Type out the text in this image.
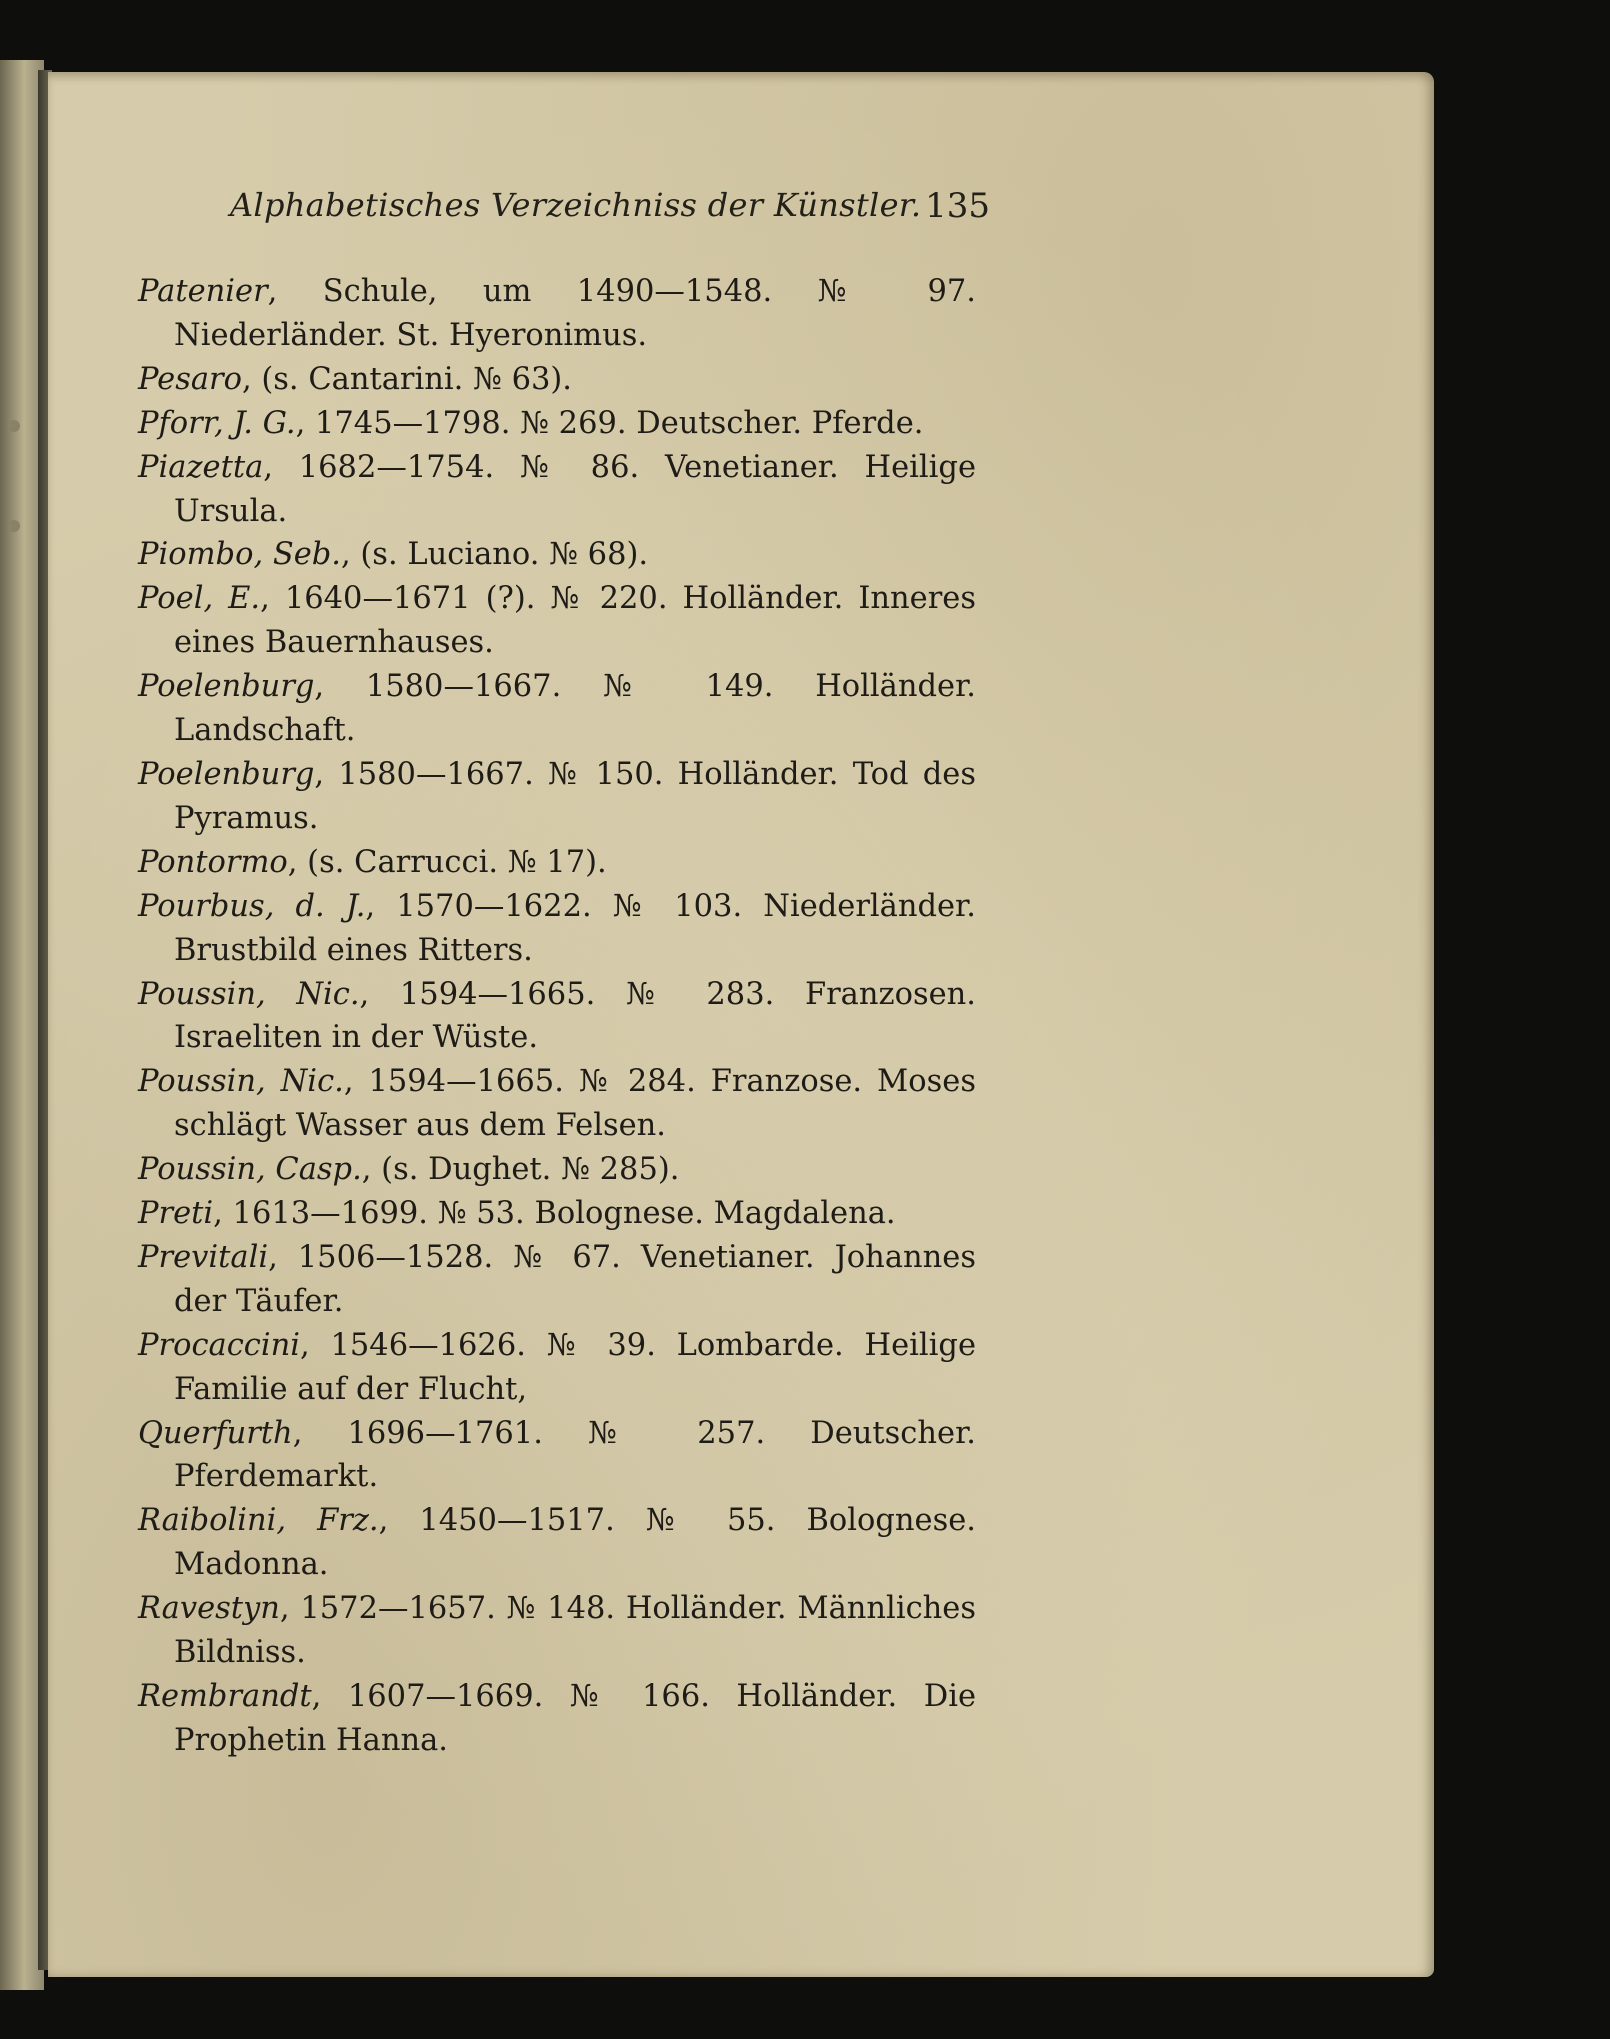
Alphabetisches Verzeichniss der Künstler. 135
Patenier, Schule, um 1490—1548. № 97. Niederländer. St. Hyeronimus.
Pesaro, (s. Cantarini. № 63).
Pforr, J. G., 1745—1798. № 269. Deutscher. Pferde.
Piazetta, 1682—1754. № 86. Venetianer. Heilige Ursula.
Piombo, Seb., (s. Luciano. № 68).
Poel, E., 1640—1671 (?). № 220. Holländer. Inneres eines Bauernhauses.
Poelenburg, 1580—1667. № 149. Holländer. Landschaft.
Poelenburg, 1580—1667. № 150. Holländer. Tod des Pyramus.
Pontormo, (s. Carrucci. № 17).
Pourbus, d. J., 1570—1622. № 103. Niederländer. Brustbild eines Ritters.
Poussin, Nic., 1594—1665. № 283. Franzosen. Israeliten in der Wüste.
Poussin, Nic., 1594—1665. № 284. Franzose. Moses schlägt Wasser aus dem Felsen.
Poussin, Casp., (s. Dughet. № 285).
Preti, 1613—1699. № 53. Bolognese. Magdalena.
Previtali, 1506—1528. № 67. Venetianer. Johannes der Täufer.
Procaccini, 1546—1626. № 39. Lombarde. Heilige Familie auf der Flucht,
Querfurth, 1696—1761. № 257. Deutscher. Pferdemarkt.
Raibolini, Frz., 1450—1517. № 55. Bolognese. Madonna.
Ravestyn, 1572—1657. № 148. Holländer. Männliches Bildniss.
Rembrandt, 1607—1669. № 166. Holländer. Die Prophetin Hanna.
